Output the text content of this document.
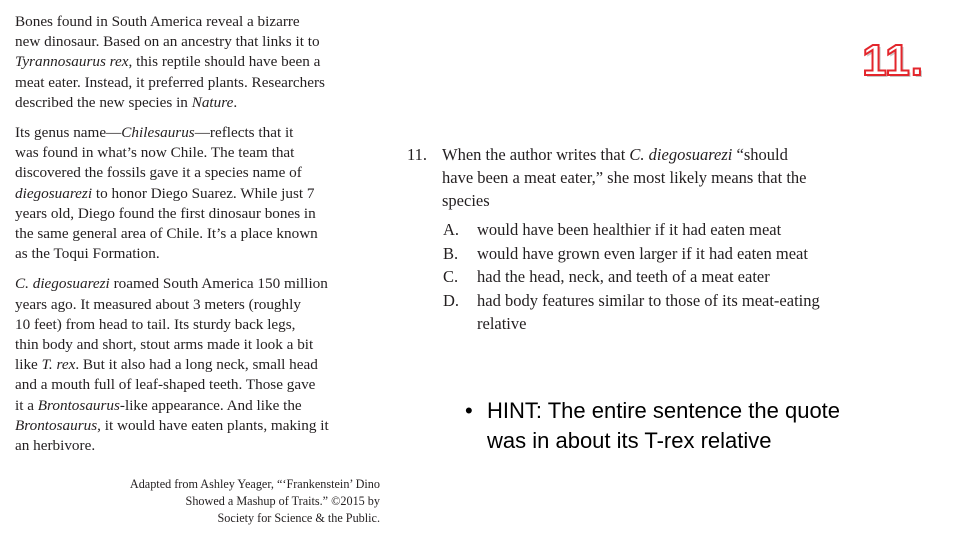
11.

Bones found in South America reveal a bizarre
new dinosaur. Based on an ancestry that links it to
Tyrannosaurus rex, this reptile should have been a
meat eater. Instead, it preferred plants. Researchers
described the new species in Nature.

Its genus name—Chilesaurus—reflects that it
was found in what’s now Chile. The team that
discovered the fossils gave it a species name of
diegosuarezi to honor Diego Suarez. While just 7
years old, Diego found the first dinosaur bones in
the same general area of Chile. It’s a place known
as the Toqui Formation.

C. diegosuarezi roamed South America 150 million
years ago. It measured about 3 meters (roughly
10 feet) from head to tail. Its sturdy back legs,
thin body and short, stout arms made it look a bit
like T. rex. But it also had a long neck, small head
and a mouth full of leaf-shaped teeth. Those gave
it a Brontosaurus-like appearance. And like the
Brontosaurus, it would have eaten plants, making it
an herbivore.

Adapted from Ashley Yeager, “‘Frankenstein’ Dino
Showed a Mashup of Traits.” ©2015 by
Society for Science & the Public.
11. When the author writes that C. diegosuarezi “should
have been a meat eater,” she most likely means that the
species
A. would have been healthier if it had eaten meat
B. would have grown even larger if it had eaten meat
C. had the head, neck, and teeth of a meat eater
D. had body features similar to those of its meat-eating
relative
• HINT: The entire sentence the quote
was in about its T-rex relative
